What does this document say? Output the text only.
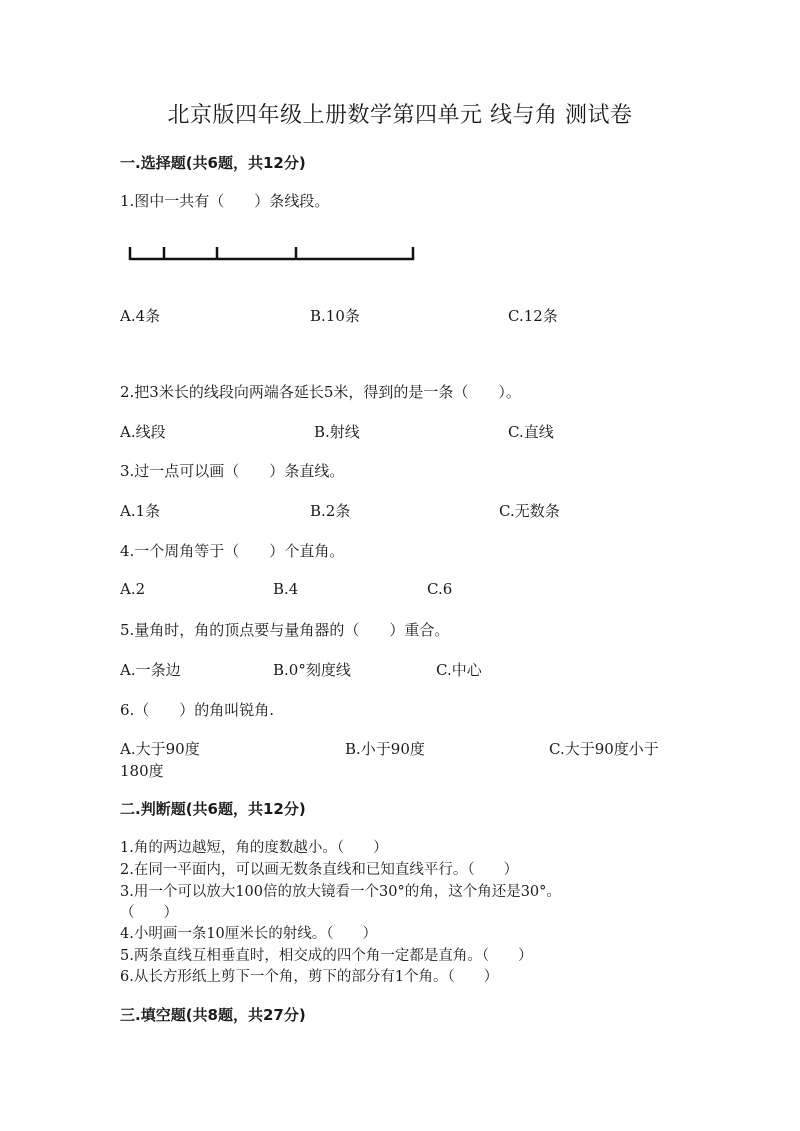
北京版四年级上册数学第四单元 线与角 测试卷
一.选择题(共6题，共12分)
1.图中一共有（　　）条线段。
A.4条	B.10条	C.12条
2.把3米长的线段向两端各延长5米，得到的是一条（　　）。
A.线段	B.射线	C.直线
3.过一点可以画（　　）条直线。
A.1条	B.2条	C.无数条
4.一个周角等于（　　）个直角。
A.2	B.4	C.6
5.量角时，角的顶点要与量角器的（　　）重合。
A.一条边	B.0°刻度线	C.中心
6.（　　）的角叫锐角.
A.大于90度	B.小于90度	C.大于90度小于
180度
二.判断题(共6题，共12分)
1.角的两边越短，角的度数越小。（　　）
2.在同一平面内，可以画无数条直线和已知直线平行。（　　）
3.用一个可以放大100倍的放大镜看一个30°的角，这个角还是30°。
（　　）
4.小明画一条10厘米长的射线。（　　）
5.两条直线互相垂直时，相交成的四个角一定都是直角。（　　）
6.从长方形纸上剪下一个角，剪下的部分有1个角。（　　）
三.填空题(共8题，共27分)
